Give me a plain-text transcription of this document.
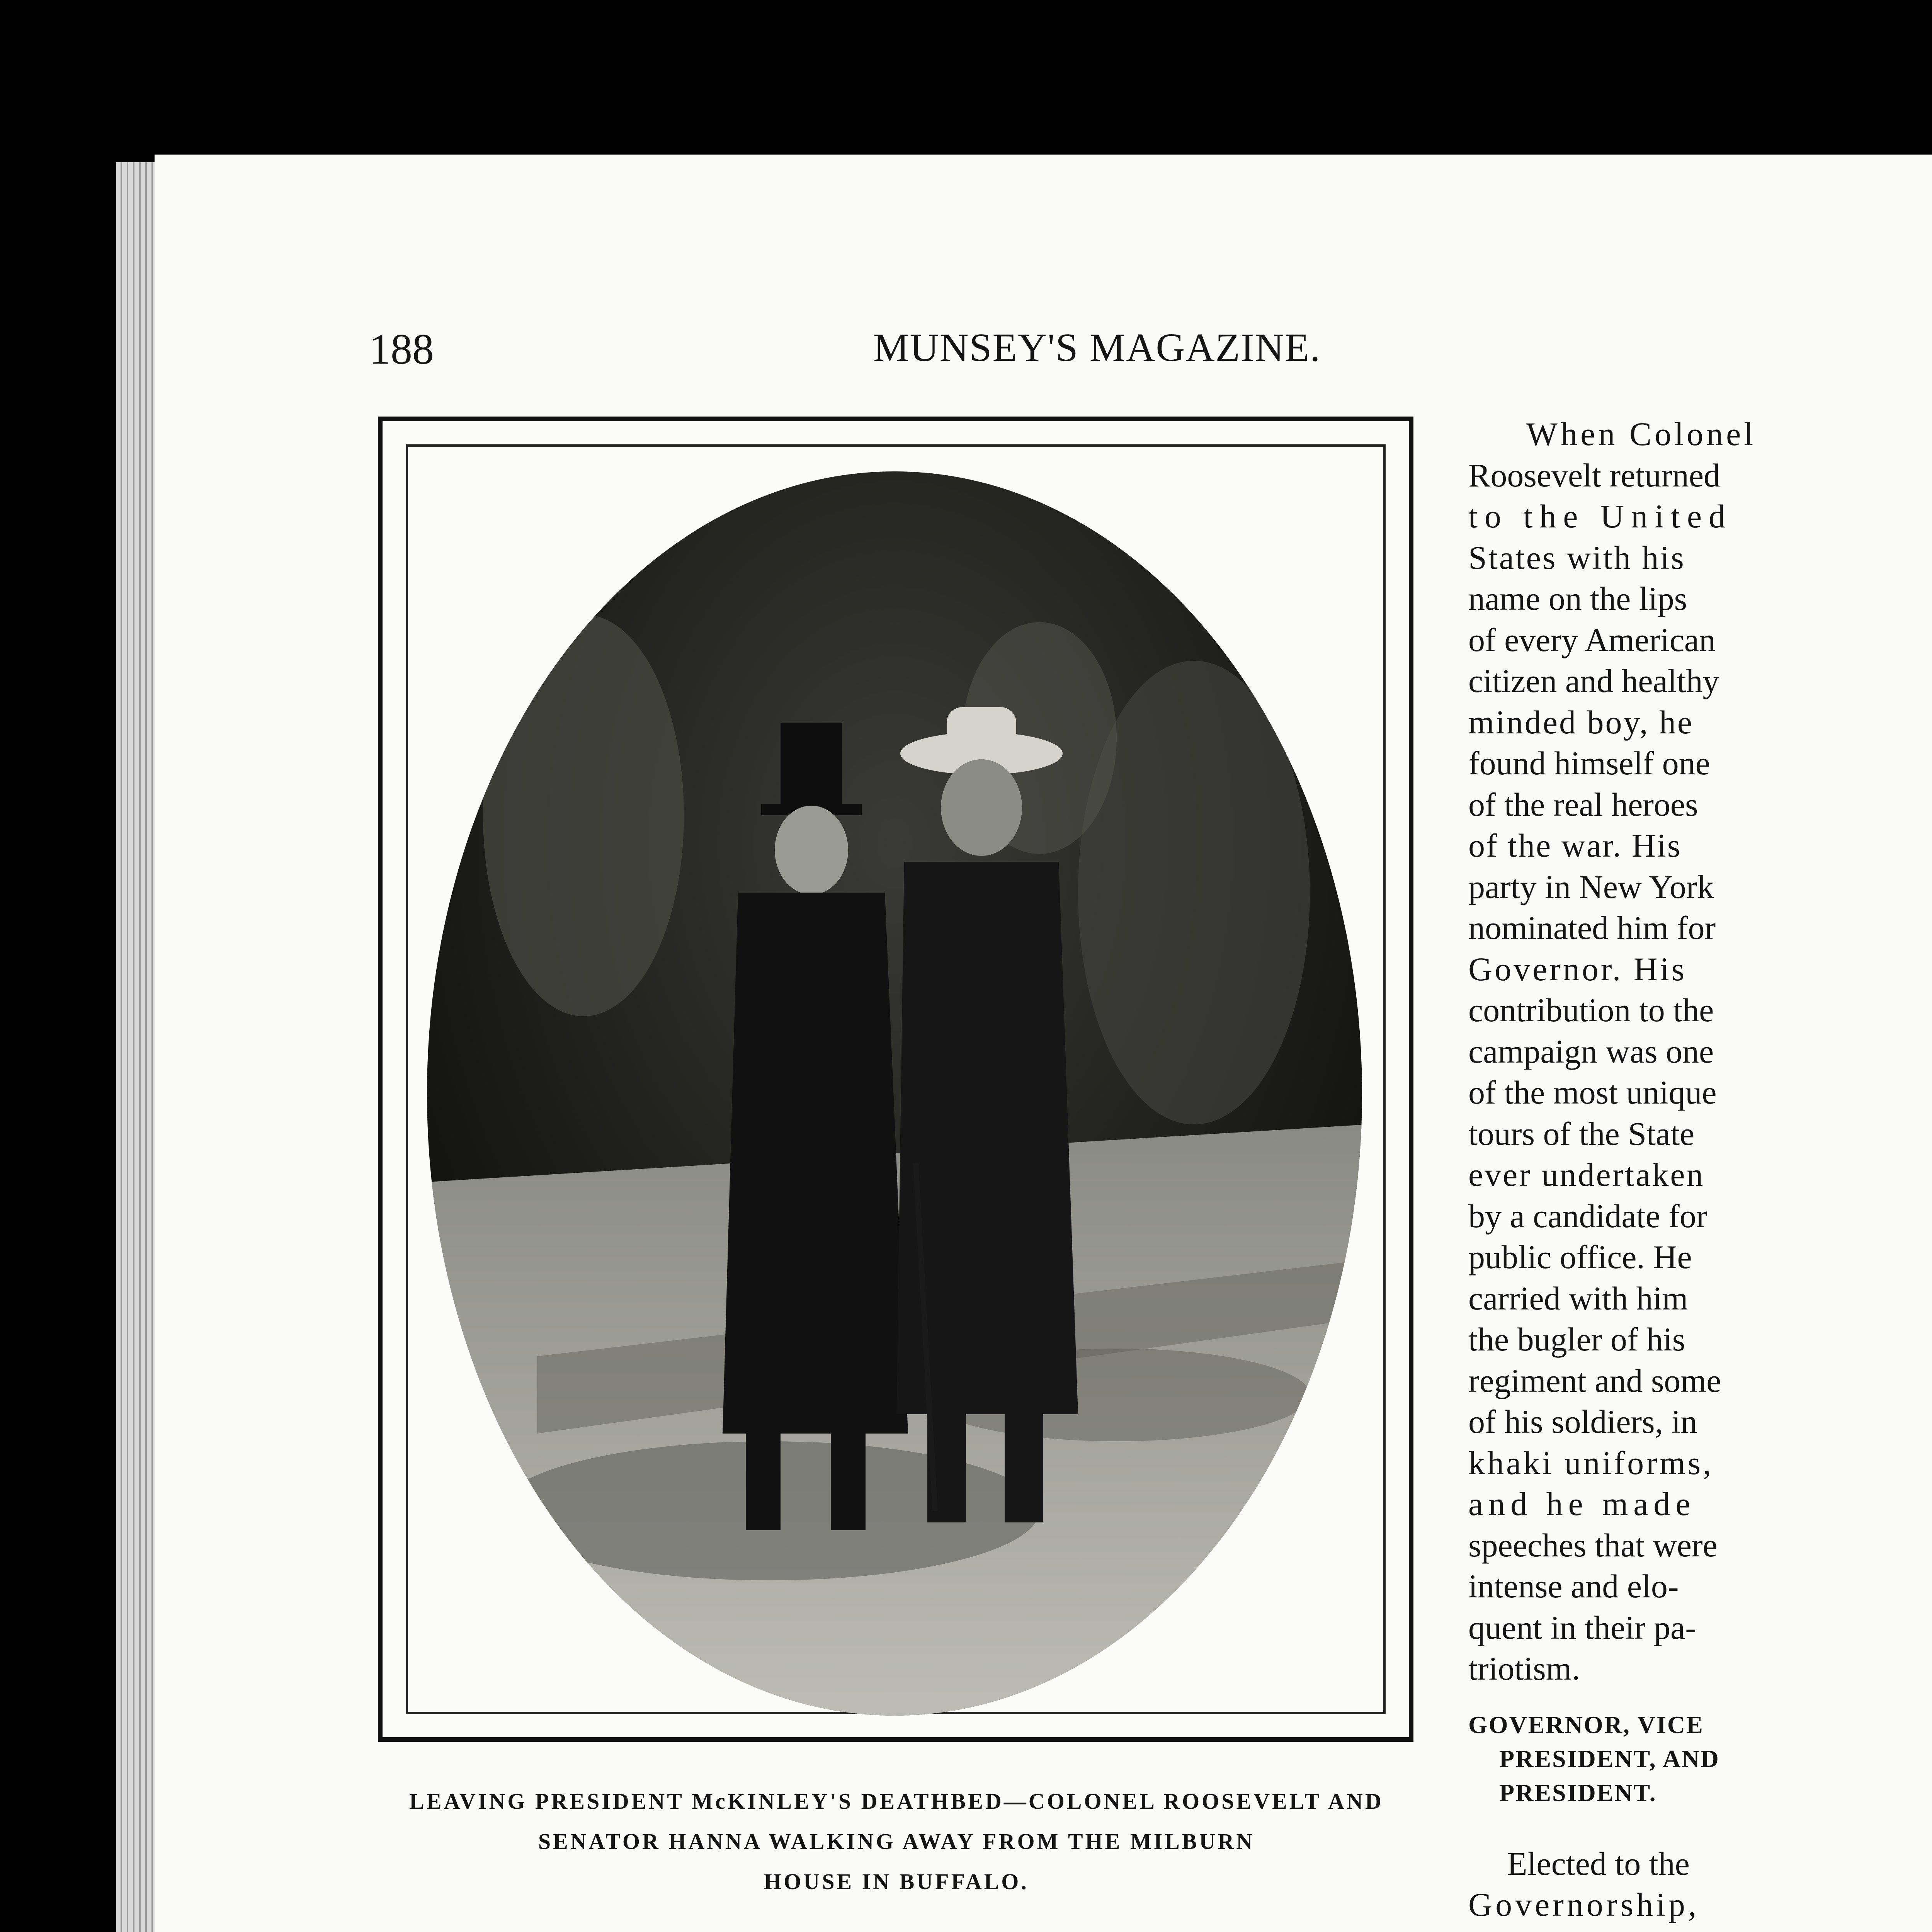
188	MUNSEY'S MAGAZINE.

LEAVING PRESIDENT McKINLEY'S DEATHBED—COLONEL ROOSEVELT AND
SENATOR HANNA WALKING AWAY FROM THE MILBURN
HOUSE IN BUFFALO.

When Colonel
Roosevelt returned
to the United
States with his
name on the lips
of every American
citizen and healthy
minded boy, he
found himself one
of the real heroes
of the war. His
party in New York
nominated him for
Governor. His
contribution to the
campaign was one
of the most unique
tours of the State
ever undertaken
by a candidate for
public office. He
carried with him
the bugler of his
regiment and some
of his soldiers, in
khaki uniforms,
and he made
speeches that were
intense and elo-
quent in their pa-
triotism.

GOVERNOR, VICE
PRESIDENT, AND
PRESIDENT.

Elected to the
Governorship,
